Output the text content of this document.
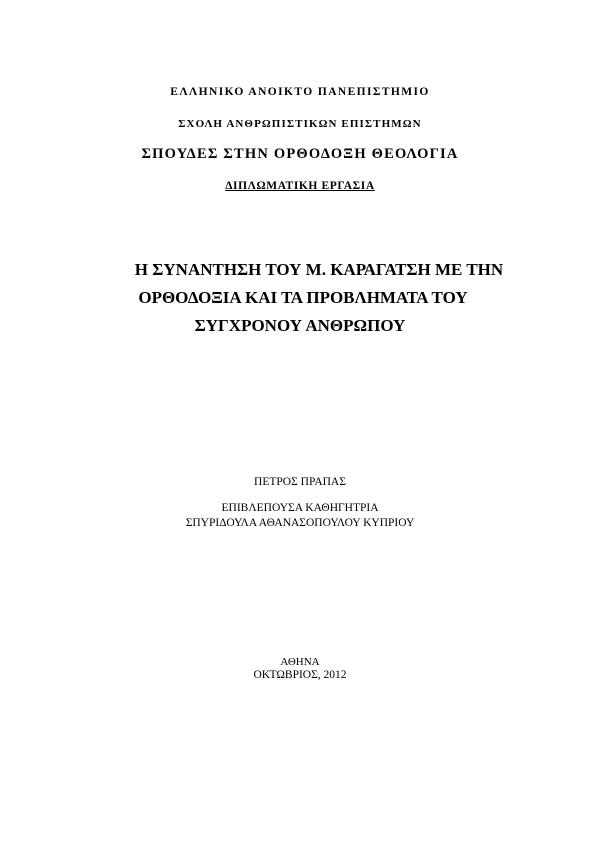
ΕΛΛΗΝΙΚΟ ΑΝΟΙΚΤΟ ΠΑΝΕΠΙΣΤΗΜΙΟ
ΣΧΟΛΗ ΑΝΘΡΩΠΙΣΤΙΚΩΝ ΕΠΙΣΤΗΜΩΝ
ΣΠΟΥΔΕΣ ΣΤΗΝ ΟΡΘΟΔΟΞΗ ΘΕΟΛΟΓΙΑ
ΔΙΠΛΩΜΑΤΙΚΗ ΕΡΓΑΣΙΑ
Η ΣΥΝΑΝΤΗΣΗ ΤΟΥ Μ. ΚΑΡΑΓΑΤΣΗ ΜΕ ΤΗΝ
ΟΡΘΟΔΟΞΙΑ ΚΑΙ ΤΑ ΠΡΟΒΛΗΜΑΤΑ ΤΟΥ
ΣΥΓΧΡΟΝΟΥ ΑΝΘΡΩΠΟΥ
ΠΕΤΡΟΣ ΠΡΑΠΑΣ
ΕΠΙΒΛΕΠΟΥΣΑ ΚΑΘΗΓΗΤΡΙΑ
ΣΠΥΡΙΔΟΥΛΑ ΑΘΑΝΑΣΟΠΟΥΛΟΥ ΚΥΠΡΙΟΥ
ΑΘΗΝΑ
ΟΚΤΩΒΡΙΟΣ, 2012
